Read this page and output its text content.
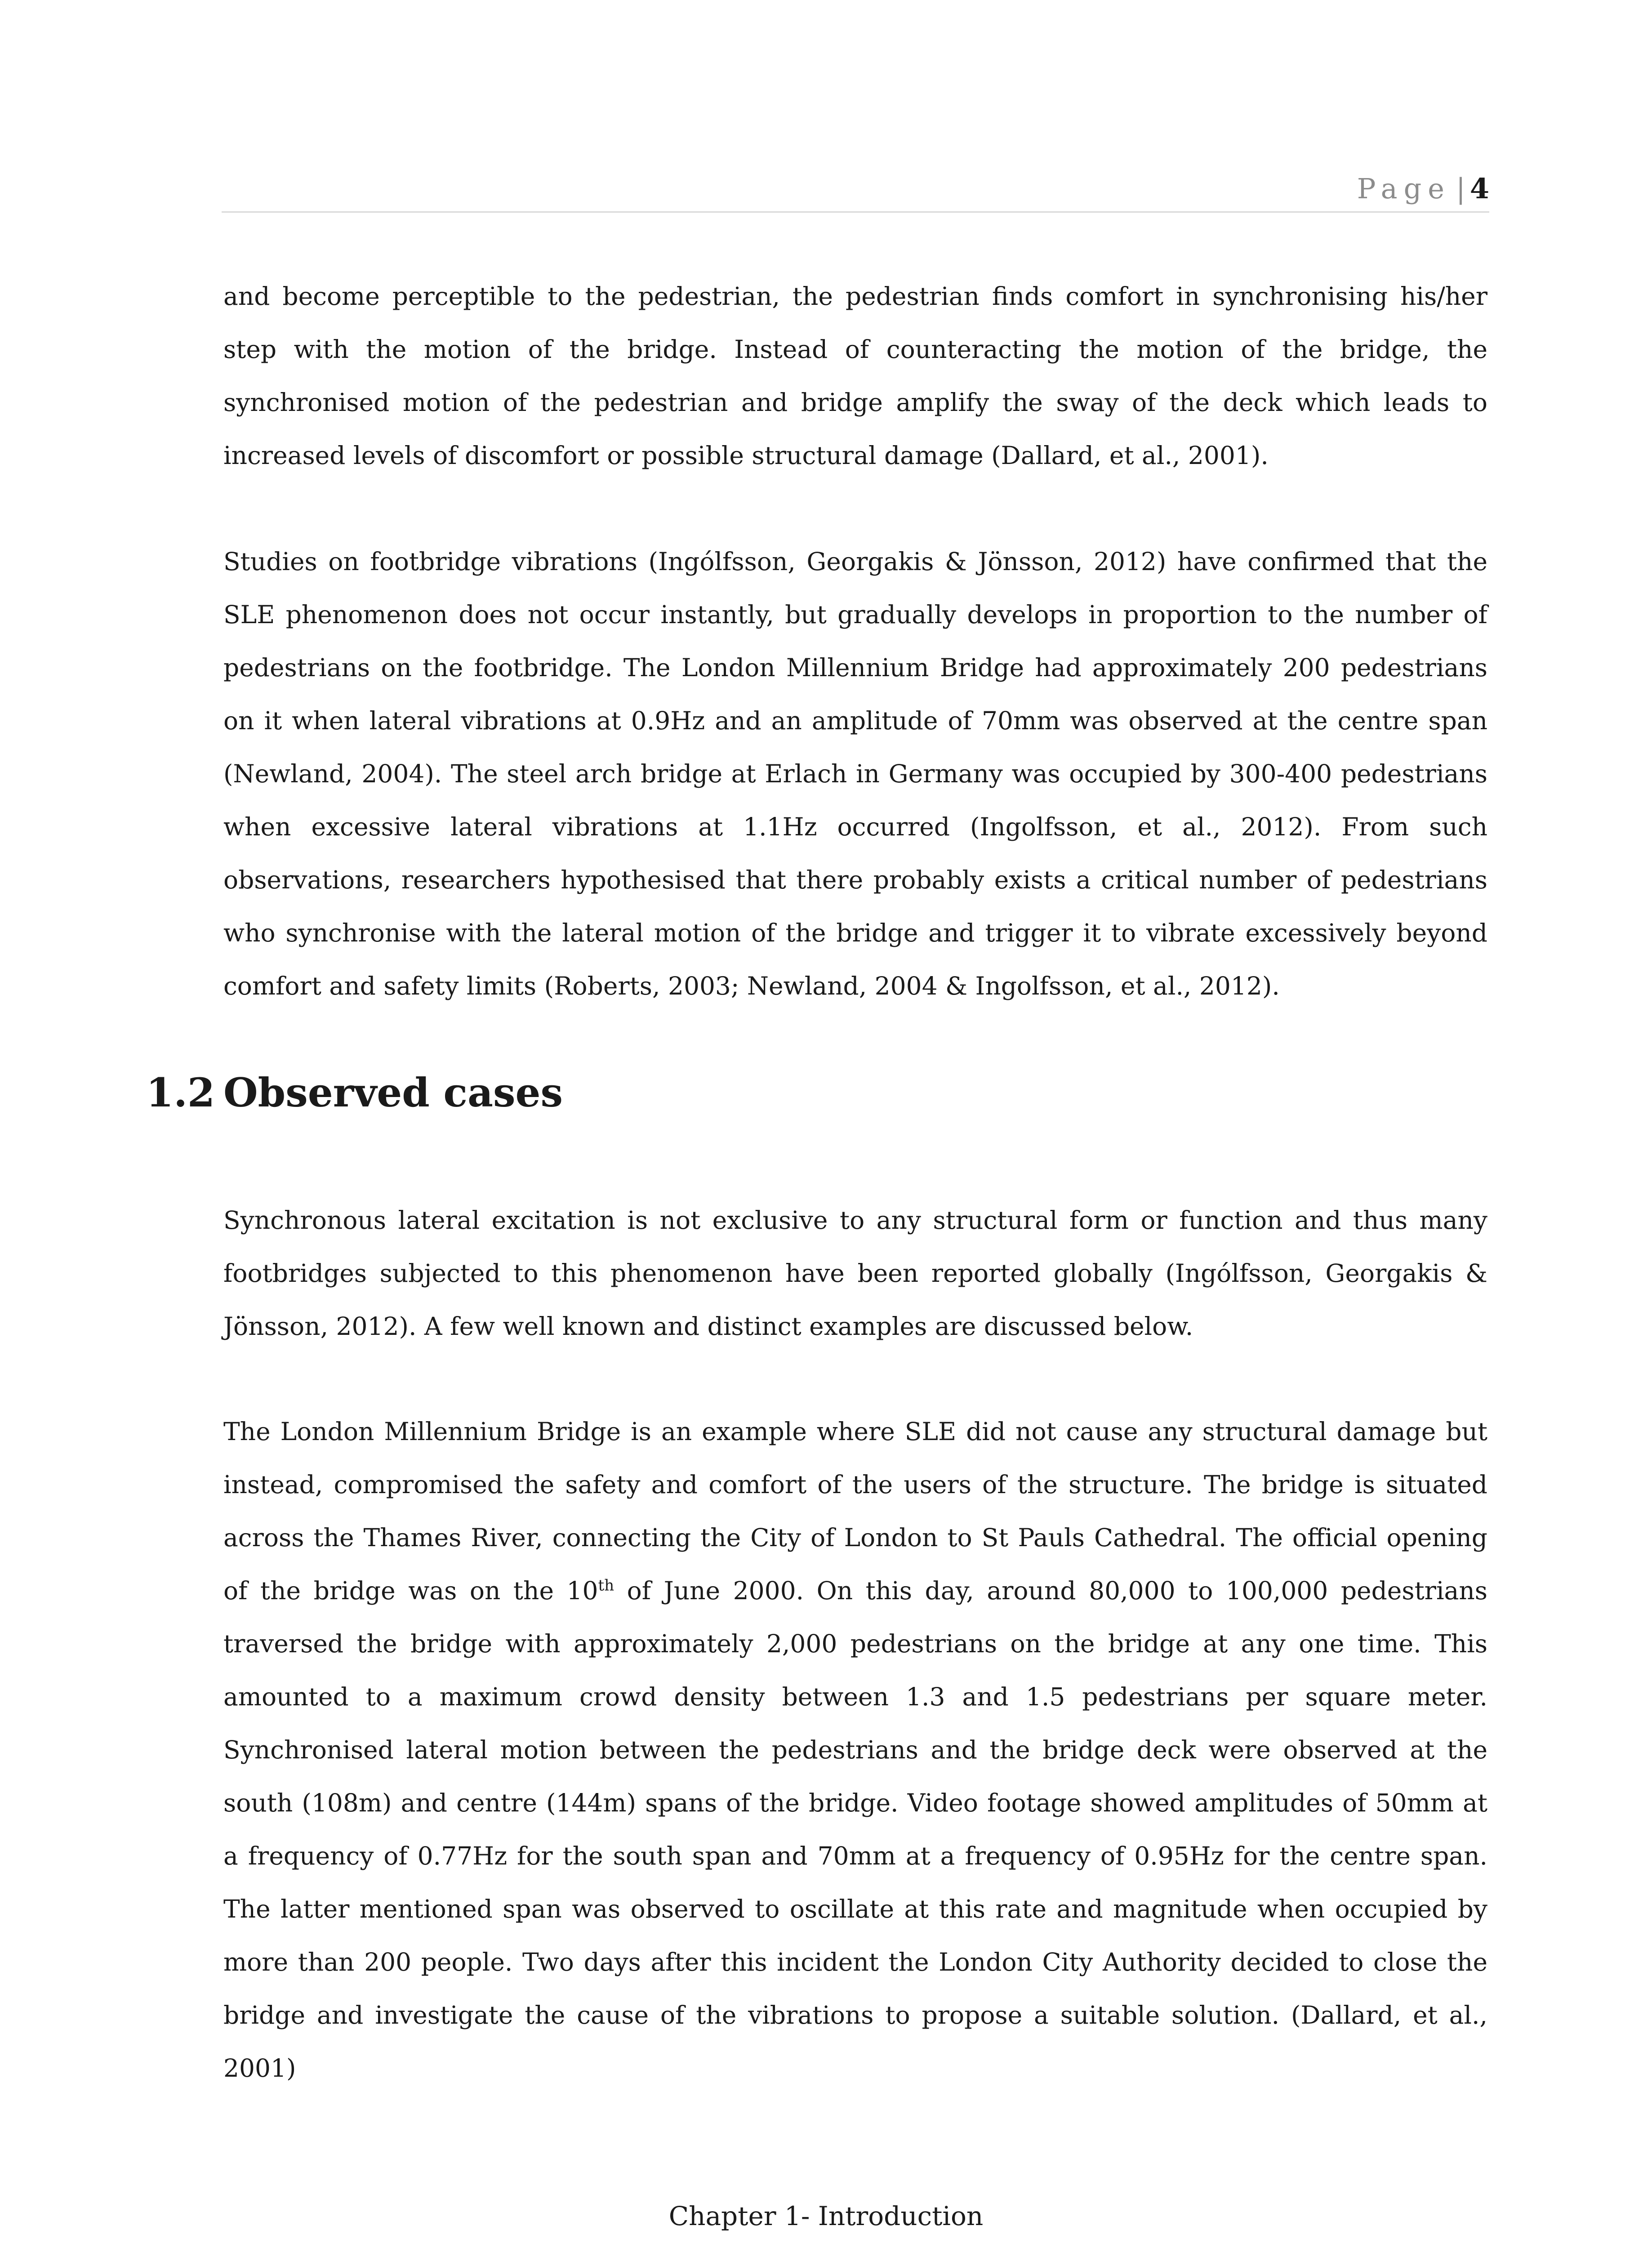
Page | 4

and become perceptible to the pedestrian, the pedestrian finds comfort in synchronising his/her step with the motion of the bridge. Instead of counteracting the motion of the bridge, the synchronised motion of the pedestrian and bridge amplify the sway of the deck which leads to increased levels of discomfort or possible structural damage (Dallard, et al., 2001).

Studies on footbridge vibrations (Ingólfsson, Georgakis & Jönsson, 2012) have confirmed that the SLE phenomenon does not occur instantly, but gradually develops in proportion to the number of pedestrians on the footbridge. The London Millennium Bridge had approximately 200 pedestrians on it when lateral vibrations at 0.9Hz and an amplitude of 70mm was observed at the centre span (Newland, 2004). The steel arch bridge at Erlach in Germany was occupied by 300-400 pedestrians when excessive lateral vibrations at 1.1Hz occurred (Ingolfsson, et al., 2012). From such observations, researchers hypothesised that there probably exists a critical number of pedestrians who synchronise with the lateral motion of the bridge and trigger it to vibrate excessively beyond comfort and safety limits (Roberts, 2003; Newland, 2004 & Ingolfsson, et al., 2012).

1.2 Observed cases

Synchronous lateral excitation is not exclusive to any structural form or function and thus many footbridges subjected to this phenomenon have been reported globally (Ingólfsson, Georgakis & Jönsson, 2012). A few well known and distinct examples are discussed below.

The London Millennium Bridge is an example where SLE did not cause any structural damage but instead, compromised the safety and comfort of the users of the structure. The bridge is situated across the Thames River, connecting the City of London to St Pauls Cathedral. The official opening of the bridge was on the 10th of June 2000. On this day, around 80,000 to 100,000 pedestrians traversed the bridge with approximately 2,000 pedestrians on the bridge at any one time. This amounted to a maximum crowd density between 1.3 and 1.5 pedestrians per square meter. Synchronised lateral motion between the pedestrians and the bridge deck were observed at the south (108m) and centre (144m) spans of the bridge. Video footage showed amplitudes of 50mm at a frequency of 0.77Hz for the south span and 70mm at a frequency of 0.95Hz for the centre span. The latter mentioned span was observed to oscillate at this rate and magnitude when occupied by more than 200 people. Two days after this incident the London City Authority decided to close the bridge and investigate the cause of the vibrations to propose a suitable solution. (Dallard, et al., 2001)

Chapter 1- Introduction
